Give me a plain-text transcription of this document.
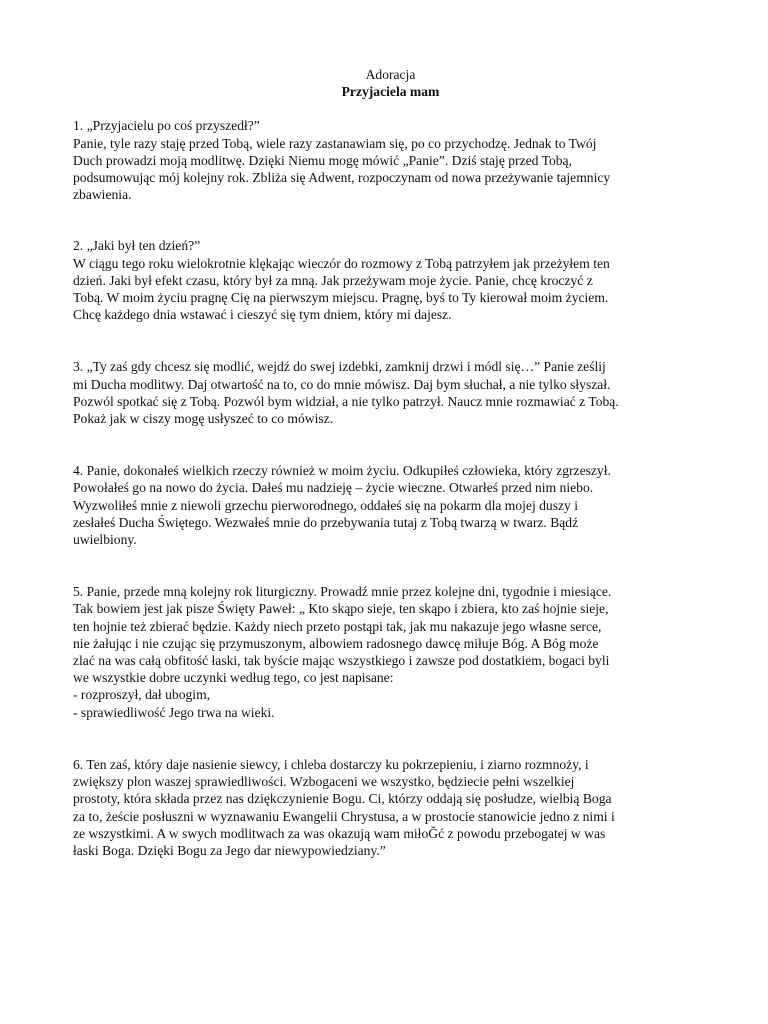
Adoracja
Przyjaciela mam
1. „Przyjacielu po coś przyszedł?”
Panie, tyle razy staję przed Tobą, wiele razy zastanawiam się, po co przychodzę. Jednak to Twój
Duch prowadzi moją modlitwę. Dzięki Niemu mogę mówić „Panie”. Dziś staję przed Tobą,
podsumowując mój kolejny rok. Zbliża się Adwent, rozpoczynam od nowa przeżywanie tajemnicy
zbawienia.
2. „Jaki był ten dzień?”
W ciągu tego roku wielokrotnie klękając wieczór do rozmowy z Tobą patrzyłem jak przeżyłem ten
dzień. Jaki był efekt czasu, który był za mną. Jak przeżywam moje życie. Panie, chcę kroczyć z
Tobą. W moim życiu pragnę Cię na pierwszym miejscu. Pragnę, byś to Ty kierował moim życiem.
Chcę każdego dnia wstawać i cieszyć się tym dniem, który mi dajesz.
3. „Ty zaś gdy chcesz się modlić, wejdź do swej izdebki, zamknij drzwi i módl się…” Panie ześlij
mi Ducha modlitwy. Daj otwartość na to, co do mnie mówisz. Daj bym słuchał, a nie tylko słyszał.
Pozwól spotkać się z Tobą. Pozwól bym widział, a nie tylko patrzył. Naucz mnie rozmawiać z Tobą.
Pokaż jak w ciszy mogę usłyszeć to co mówisz.
4. Panie, dokonałeś wielkich rzeczy również w moim życiu. Odkupiłeś człowieka, który zgrzeszył.
Powołałeś go na nowo do życia. Dałeś mu nadzieję – życie wieczne. Otwarłeś przed nim niebo.
Wyzwoliłeś mnie z niewoli grzechu pierworodnego, oddałeś się na pokarm dla mojej duszy i
zesłałeś Ducha Świętego. Wezwałeś mnie do przebywania tutaj z Tobą twarzą w twarz. Bądź
uwielbiony.
5. Panie, przede mną kolejny rok liturgiczny. Prowadź mnie przez kolejne dni, tygodnie i miesiące.
Tak bowiem jest jak pisze Święty Paweł: „ Kto skąpo sieje, ten skąpo i zbiera, kto zaś hojnie sieje,
ten hojnie też zbierać będzie. Każdy niech przeto postąpi tak, jak mu nakazuje jego własne serce,
nie żałując i nie czując się przymuszonym, albowiem radosnego dawcę miłuje Bóg. A Bóg może
zlać na was całą obfitość łaski, tak byście mając wszystkiego i zawsze pod dostatkiem, bogaci byli
we wszystkie dobre uczynki według tego, co jest napisane:
- rozproszył, dał ubogim,
- sprawiedliwość Jego trwa na wieki.
6. Ten zaś, który daje nasienie siewcy, i chleba dostarczy ku pokrzepieniu, i ziarno rozmnoży, i
zwiększy plon waszej sprawiedliwości. Wzbogaceni we wszystko, będziecie pełni wszelkiej
prostoty, która składa przez nas dziękczynienie Bogu. Ci, którzy oddają się posłudze, wielbią Boga
za to, żeście posłuszni w wyznawaniu Ewangelii Chrystusa, a w prostocie stanowicie jedno z nimi i
ze wszystkimi. A w swych modlitwach za was okazują wam miłoĞć z powodu przebogatej w was
łaski Boga. Dzięki Bogu za Jego dar niewypowiedziany.”
